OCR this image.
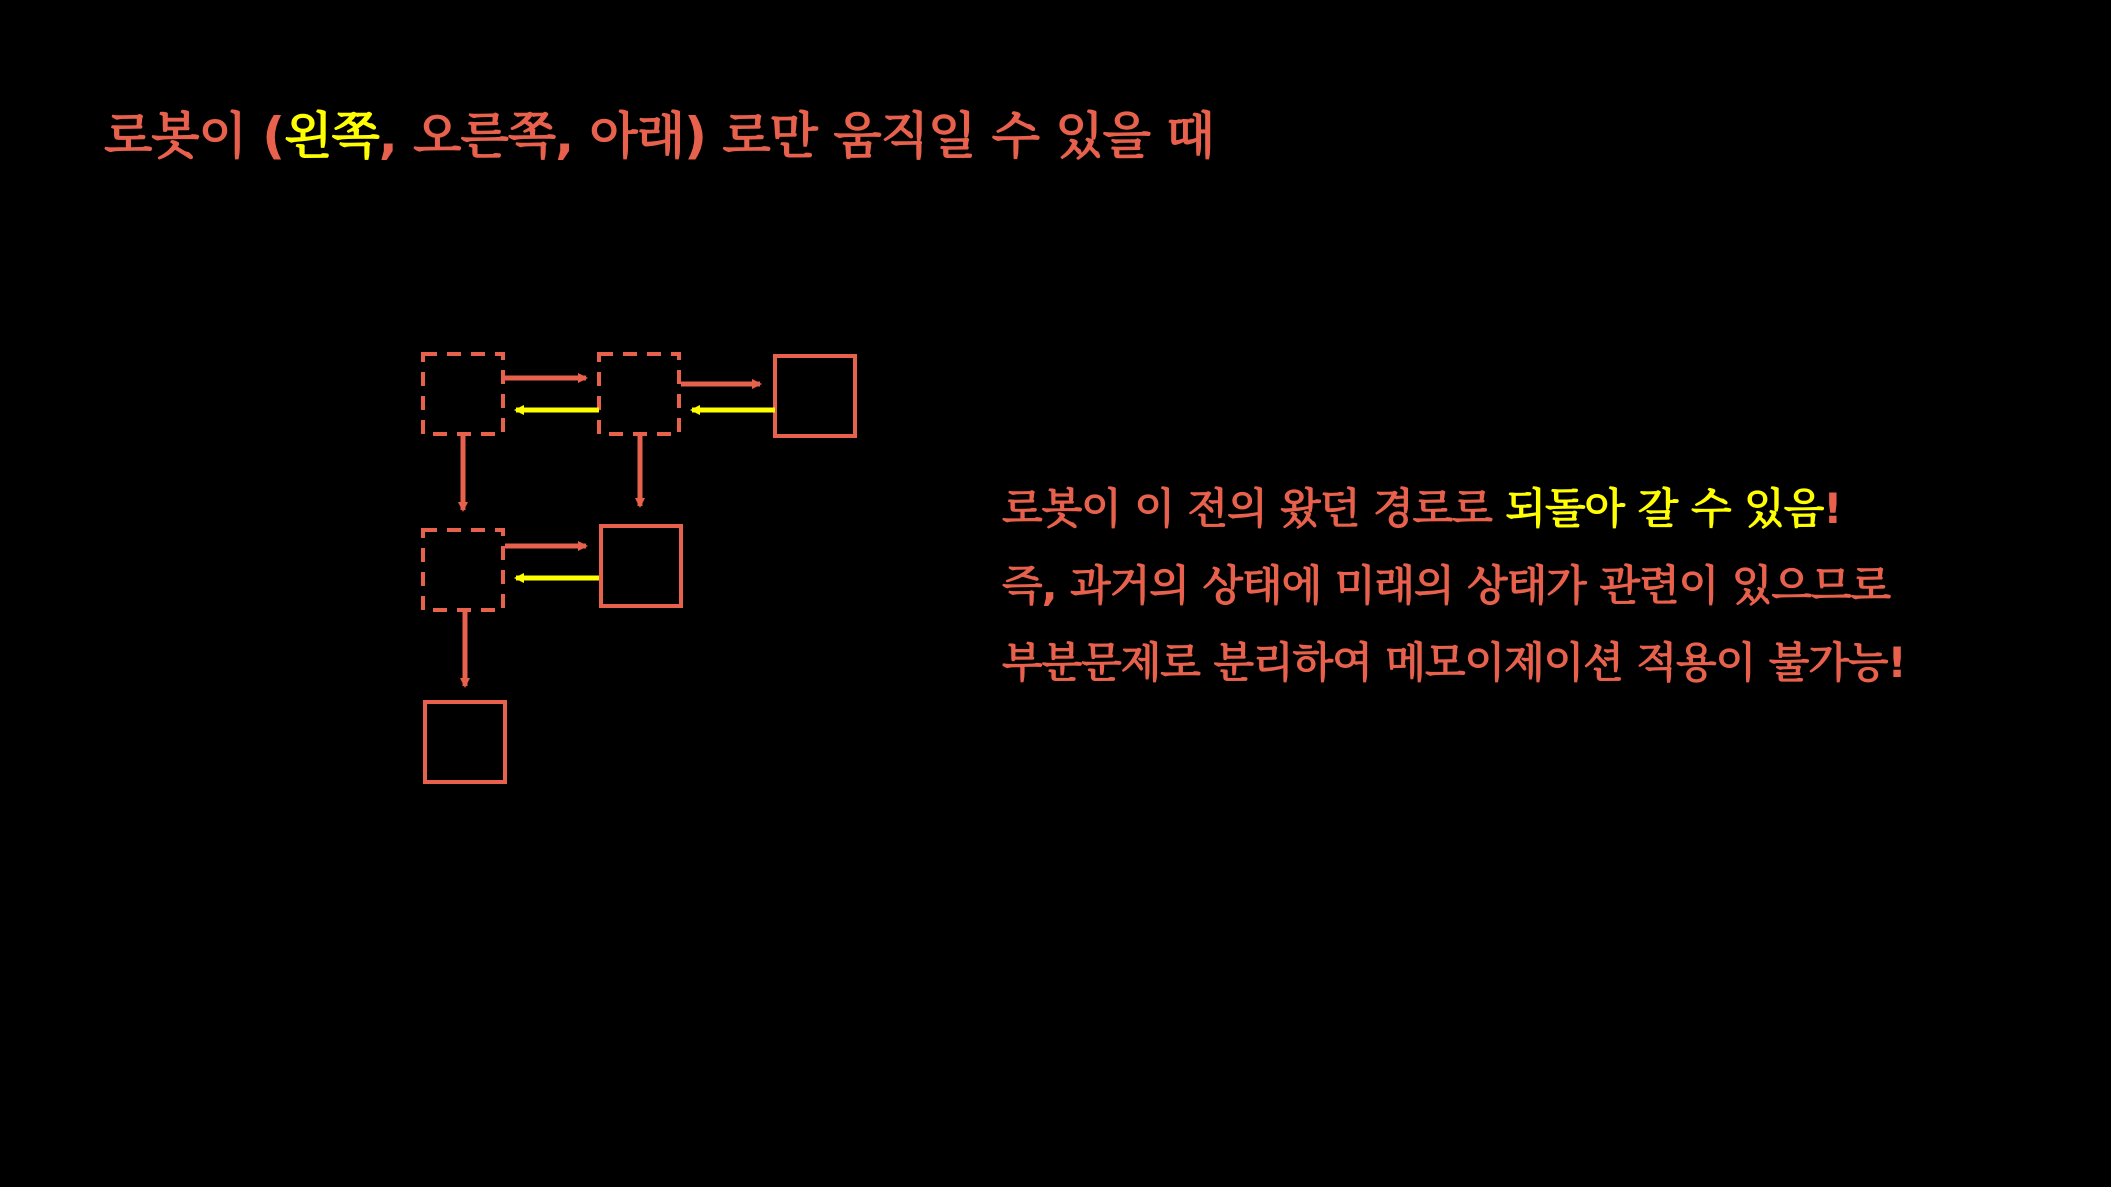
로봇이 (왼쪽, 오른쪽, 아래) 로만 움직일 수 있을 때
로봇이 이 전의 왔던 경로로 되돌아 갈 수 있음!
즉, 과거의 상태에 미래의 상태가 관련이 있으므로
부분문제로 분리하여 메모이제이션 적용이 불가능!
